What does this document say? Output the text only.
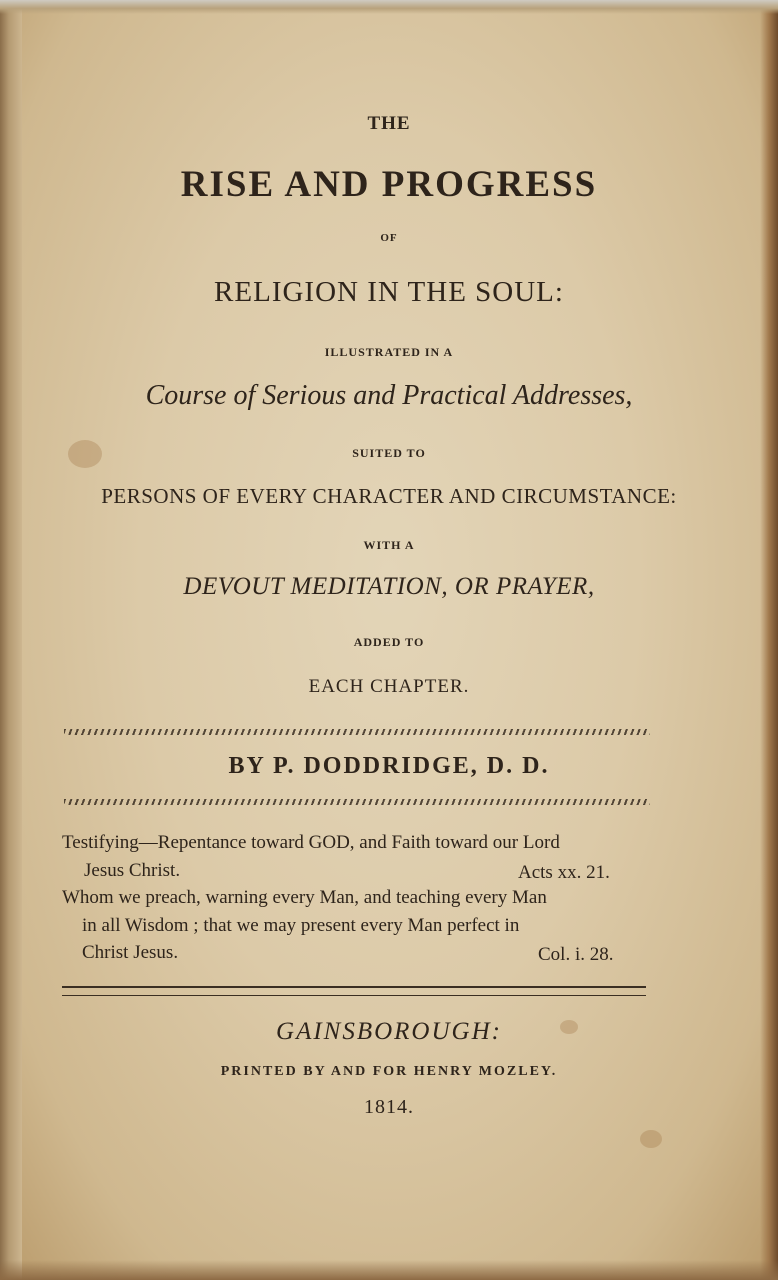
THE
RISE AND PROGRESS
OF
RELIGION IN THE SOUL:
ILLUSTRATED IN A
Course of Serious and Practical Addresses,
SUITED TO
PERSONS OF EVERY CHARACTER AND CIRCUMSTANCE:
WITH A
DEVOUT MEDITATION, OR PRAYER,
ADDED TO
EACH CHAPTER.
BY P. DODDRIDGE, D. D.
Testifying—Repentance toward GOD, and Faith toward our Lord
Jesus Christ.	Acts xx. 21.
Whom we preach, warning every Man, and teaching every Man
in all Wisdom ; that we may present every Man perfect in
Christ Jesus.	Col. i. 28.
GAINSBOROUGH:
PRINTED BY AND FOR HENRY MOZLEY.
1814.
